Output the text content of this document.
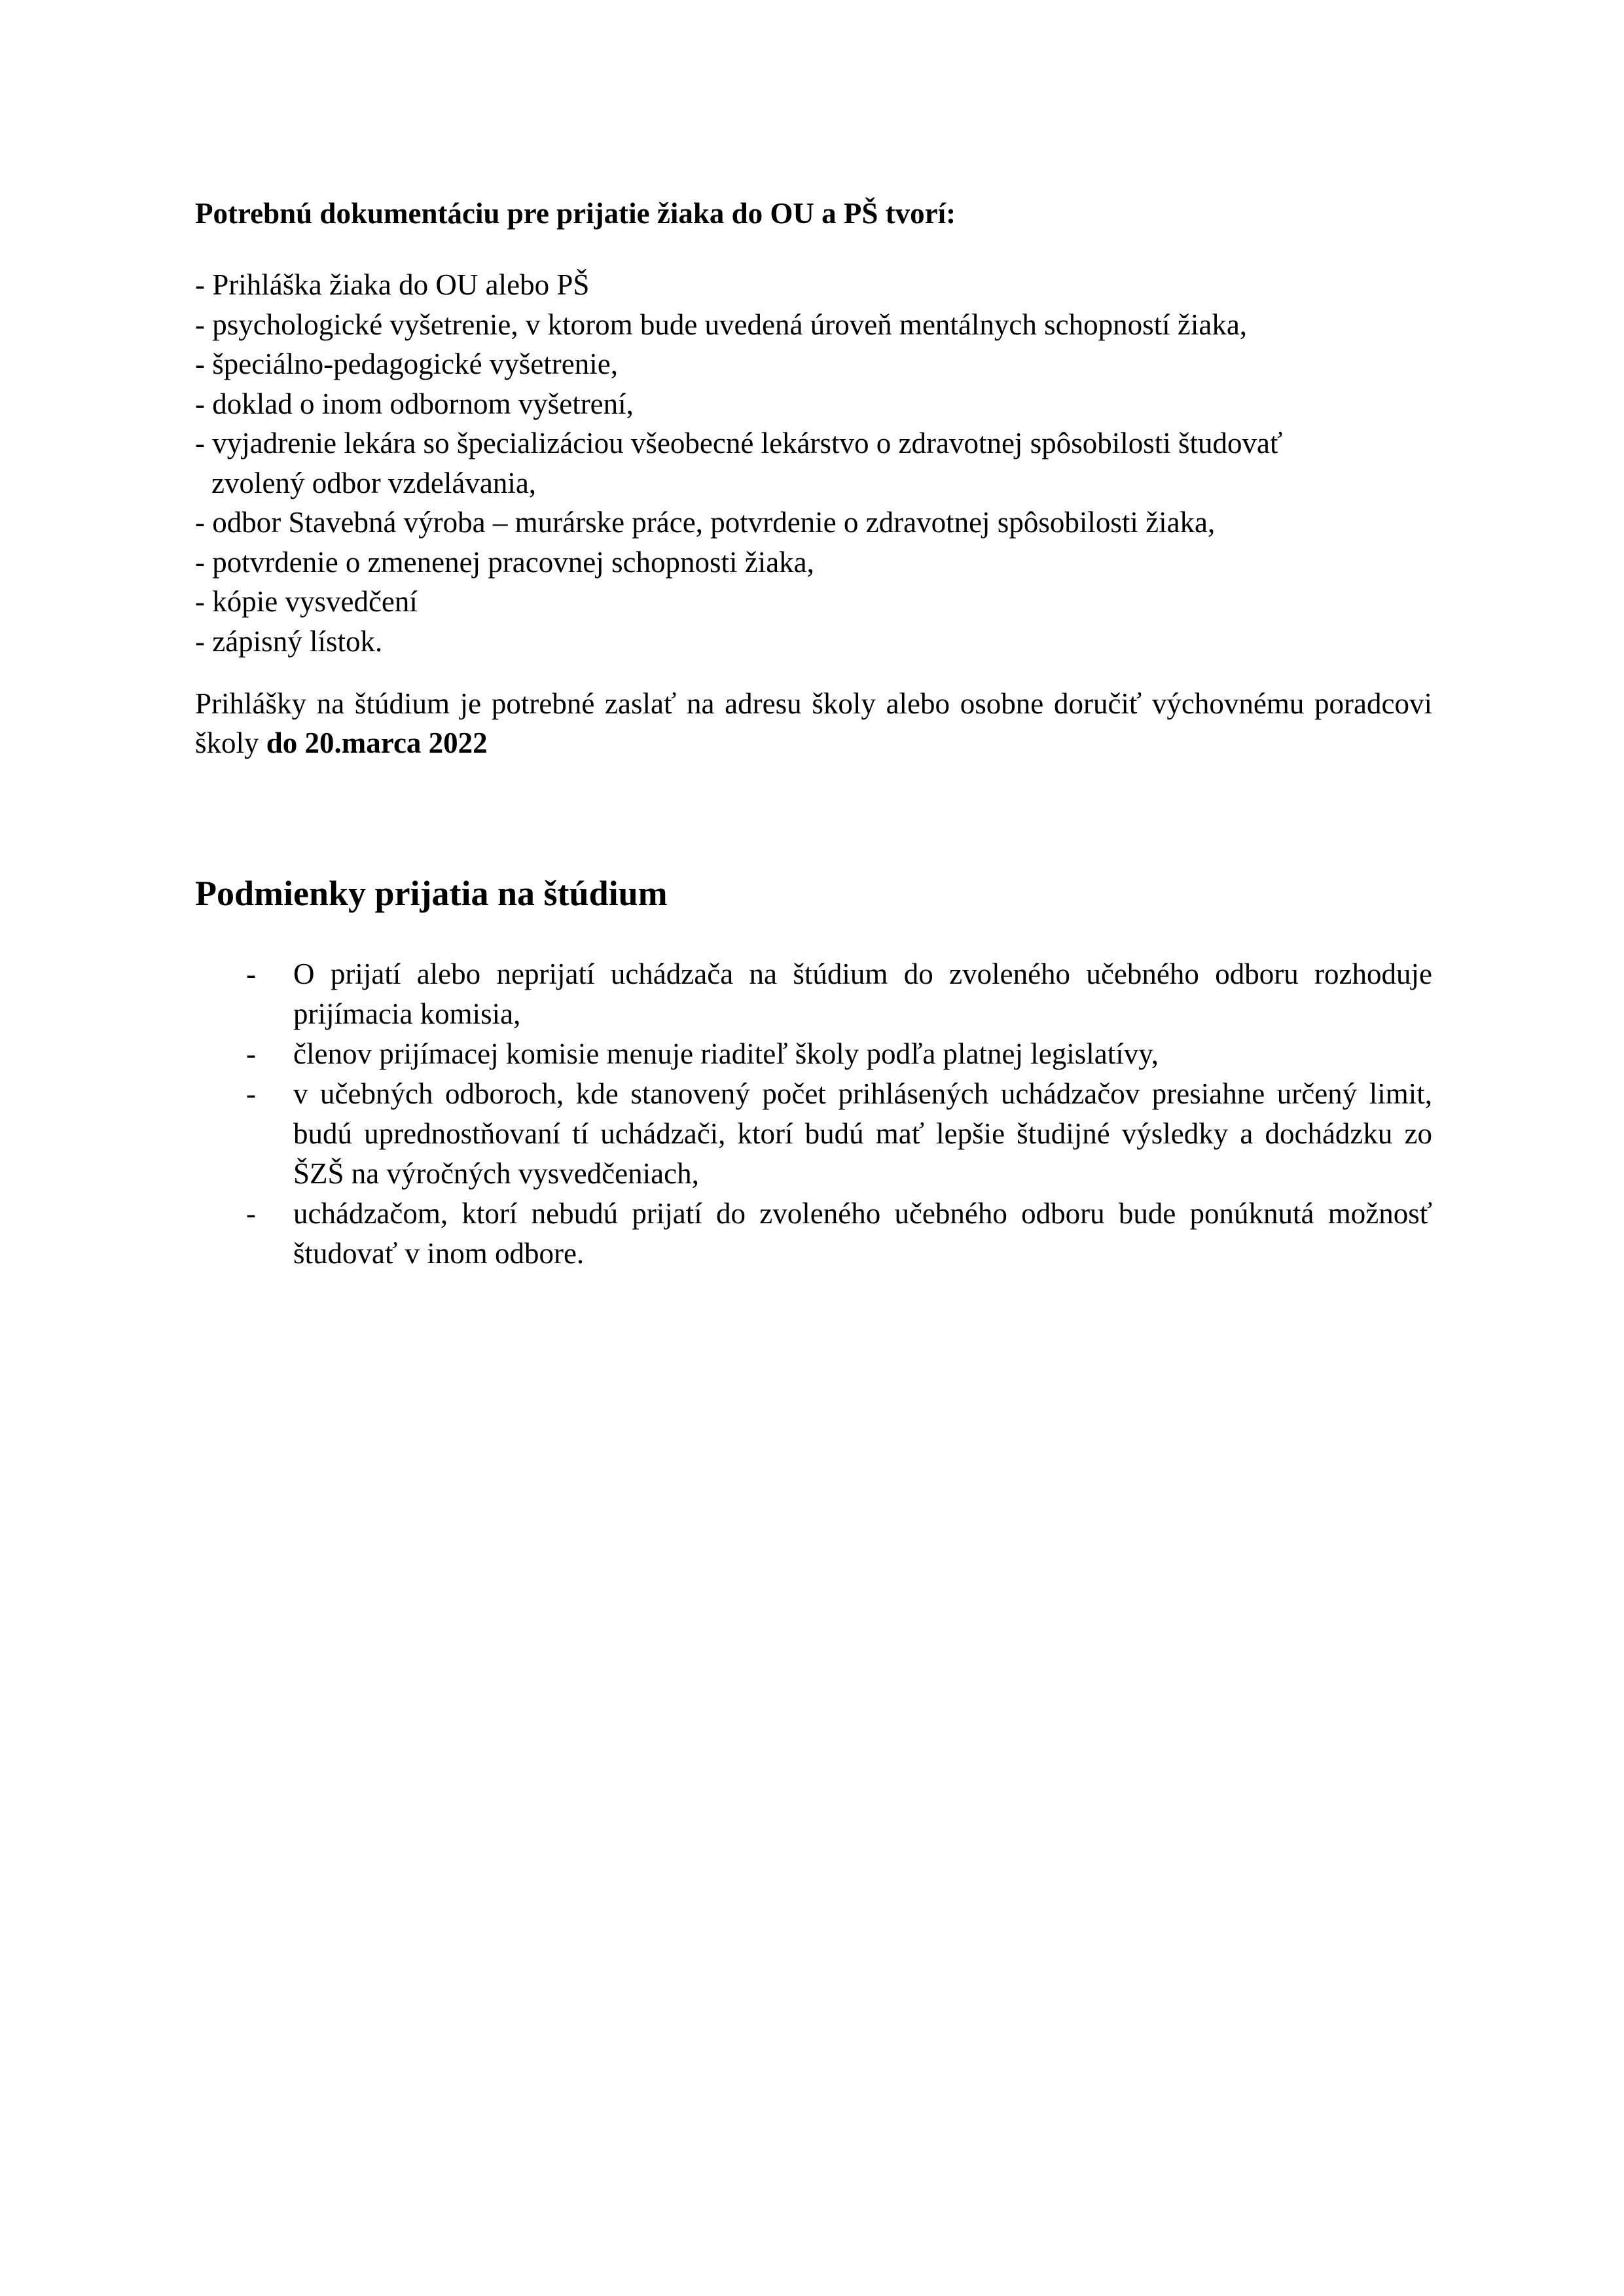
Potrebnú dokumentáciu pre prijatie žiaka do OU a PŠ tvorí:
- Prihláška žiaka do OU alebo PŠ
- psychologické vyšetrenie, v ktorom bude uvedená úroveň mentálnych schopností žiaka,
- špeciálno-pedagogické vyšetrenie,
- doklad o inom odbornom vyšetrení,
- vyjadrenie lekára so špecializáciou všeobecné lekárstvo o zdravotnej spôsobilosti študovať
zvolený odbor vzdelávania,
- odbor Stavebná výroba – murárske práce, potvrdenie o zdravotnej spôsobilosti žiaka,
- potvrdenie o zmenenej pracovnej schopnosti žiaka,
- kópie vysvedčení
- zápisný lístok.

Prihlášky na štúdium je potrebné zaslať na adresu školy alebo osobne doručiť výchovnému poradcovi školy do 20.marca 2022

Podmienky prijatia na štúdium
- O prijatí alebo neprijatí uchádzača na štúdium do zvoleného učebného odboru rozhoduje prijímacia komisia,
- členov prijímacej komisie menuje riaditeľ školy podľa platnej legislatívy,
- v učebných odboroch, kde stanovený počet prihlásených uchádzačov presiahne určený limit, budú uprednostňovaní tí uchádzači, ktorí budú mať lepšie študijné výsledky a dochádzku zo ŠZŠ na výročných vysvedčeniach,
- uchádzačom, ktorí nebudú prijatí do zvoleného učebného odboru bude ponúknutá možnosť študovať v inom odbore.
